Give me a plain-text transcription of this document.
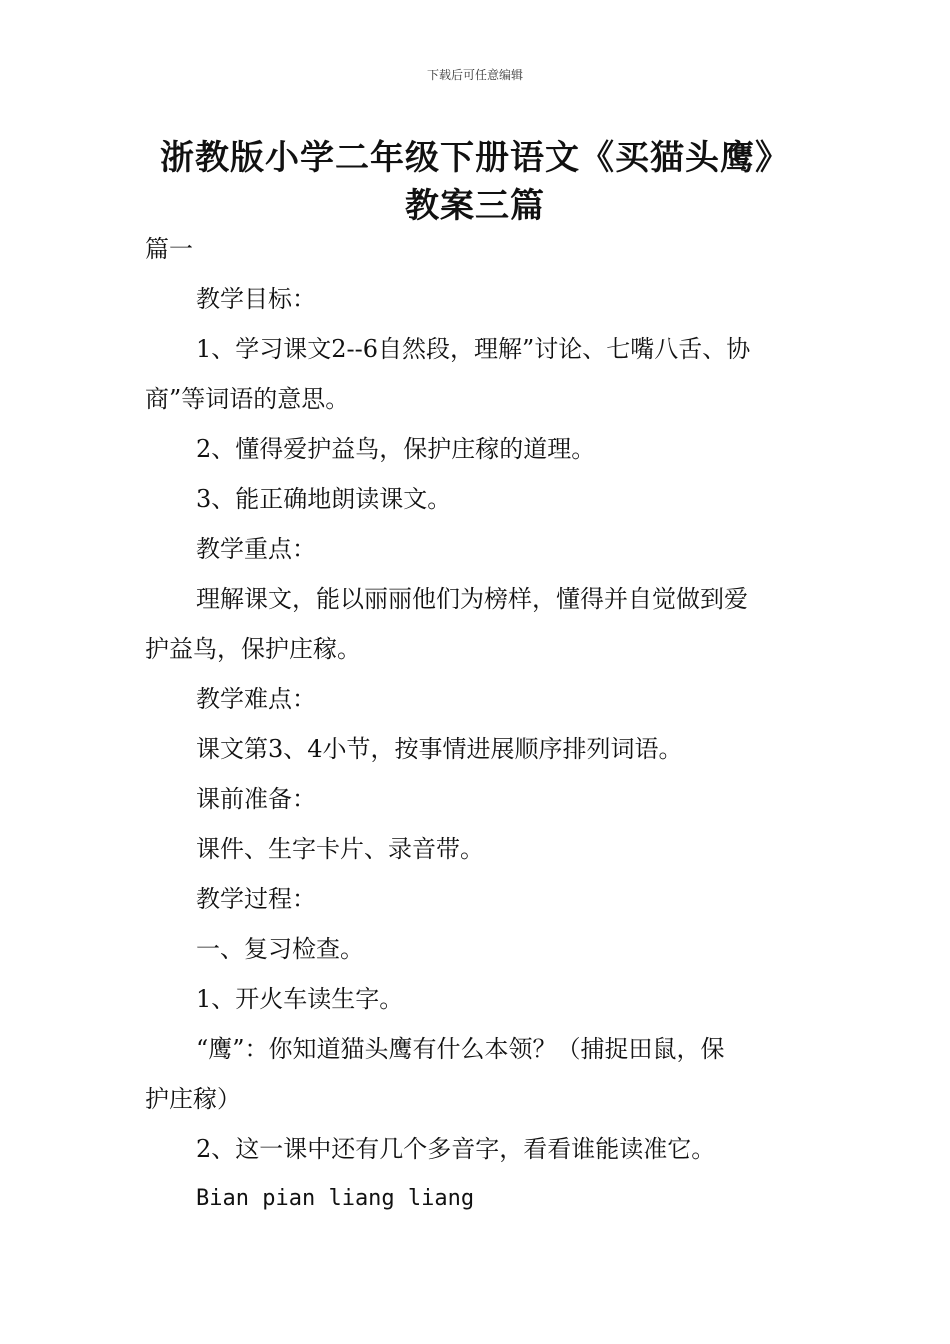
下载后可任意编辑
浙教版小学二年级下册语文《买猫头鹰》
教案三篇
篇一
教学目标：
1、学习课文2--6自然段，理解”讨论、七嘴八舌、协
商”等词语的意思。
2、懂得爱护益鸟，保护庄稼的道理。
3、能正确地朗读课文。
教学重点：
理解课文，能以丽丽他们为榜样，懂得并自觉做到爱
护益鸟，保护庄稼。
教学难点：
课文第3、4小节，按事情进展顺序排列词语。
课前准备：
课件、生字卡片、录音带。
教学过程：
一、复习检查。
1、开火车读生字。
“鹰”：你知道猫头鹰有什么本领？（捕捉田鼠，保
护庄稼）
2、这一课中还有几个多音字，看看谁能读准它。
Bian pian liang liang
